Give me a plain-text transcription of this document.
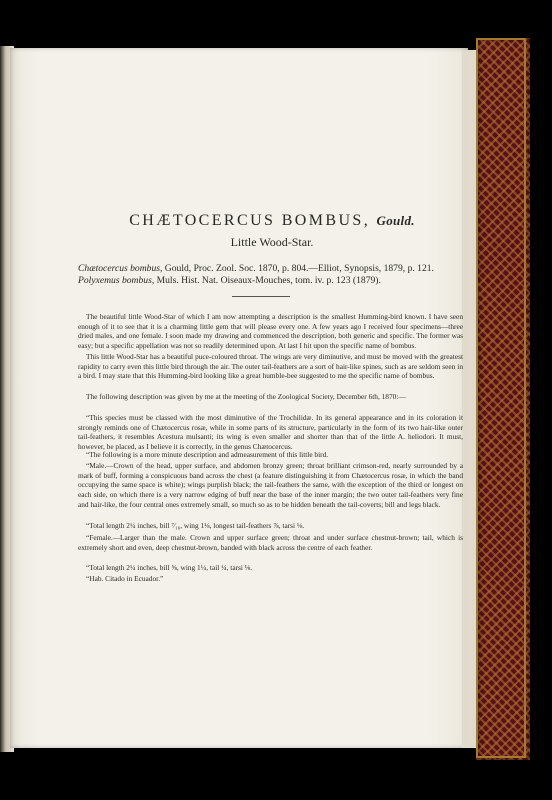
CHÆTOCERCUS BOMBUS, Gould.
Little Wood-Star.
Chætocercus bombus, Gould, Proc. Zool. Soc. 1870, p. 804.—Elliot, Synopsis, 1879, p. 121.
Polyxemus bombus, Muls. Hist. Nat. Oiseaux-Mouches, tom. iv. p. 123 (1879).
The beautiful little Wood-Star of which I am now attempting a description is the smallest Humming-bird known. I have seen enough of it to see that it is a charming little gem that will please every one. A few years ago I received four specimens—three dried males, and one female. I soon made my drawing and commenced the description, both generic and specific. The former was easy; but a specific appellation was not so readily determined upon. At last I hit upon the specific name of bombus.
This little Wood-Star has a beautiful puce-coloured throat. The wings are very diminutive, and must be moved with the greatest rapidity to carry even this little bird through the air. The outer tail-feathers are a sort of hair-like spines, such as are seldom seen in a bird. I may state that this Humming-bird looking like a great humble-bee suggested to me the specific name of bombus.
The following description was given by me at the meeting of the Zoological Society, December 6th, 1870:—
“This species must be classed with the most diminutive of the Trochilidæ. In its general appearance and in its coloration it strongly reminds one of Chætocercus rosæ, while in some parts of its structure, particularly in the form of its two hair-like outer tail-feathers, it resembles Acestura mulsanti; its wing is even smaller and shorter than that of the little A. heliodori. It must, however, be placed, as I believe it is correctly, in the genus Chætocercus.
“The following is a more minute description and admeasurement of this little bird.
“Male.—Crown of the head, upper surface, and abdomen bronzy green; throat brilliant crimson-red, nearly surrounded by a mark of buff, forming a conspicuous band across the chest (a feature distinguishing it from Chætocercus rosæ, in which the band occupying the same space is white); wings purplish black; the tail-feathers the same, with the exception of the third or longest on each side, on which there is a very narrow edging of buff near the base of the inner margin; the two outer tail-feathers very fine and hair-like, the four central ones extremely small, so much so as to be hidden beneath the tail-coverts; bill and legs black.
“Total length 2¼ inches, bill ⁷⁄₁₆, wing 1⅛, longest tail-feathers ⅞, tarsi ⅛.
“Female.—Larger than the male. Crown and upper surface green; throat and under surface chestnut-brown; tail, which is extremely short and even, deep chestnut-brown, banded with black across the centre of each feather.
“Total length 2¼ inches, bill ⅝, wing 1¼, tail ¼, tarsi ⅛.
“Hab. Citado in Ecuador.”
